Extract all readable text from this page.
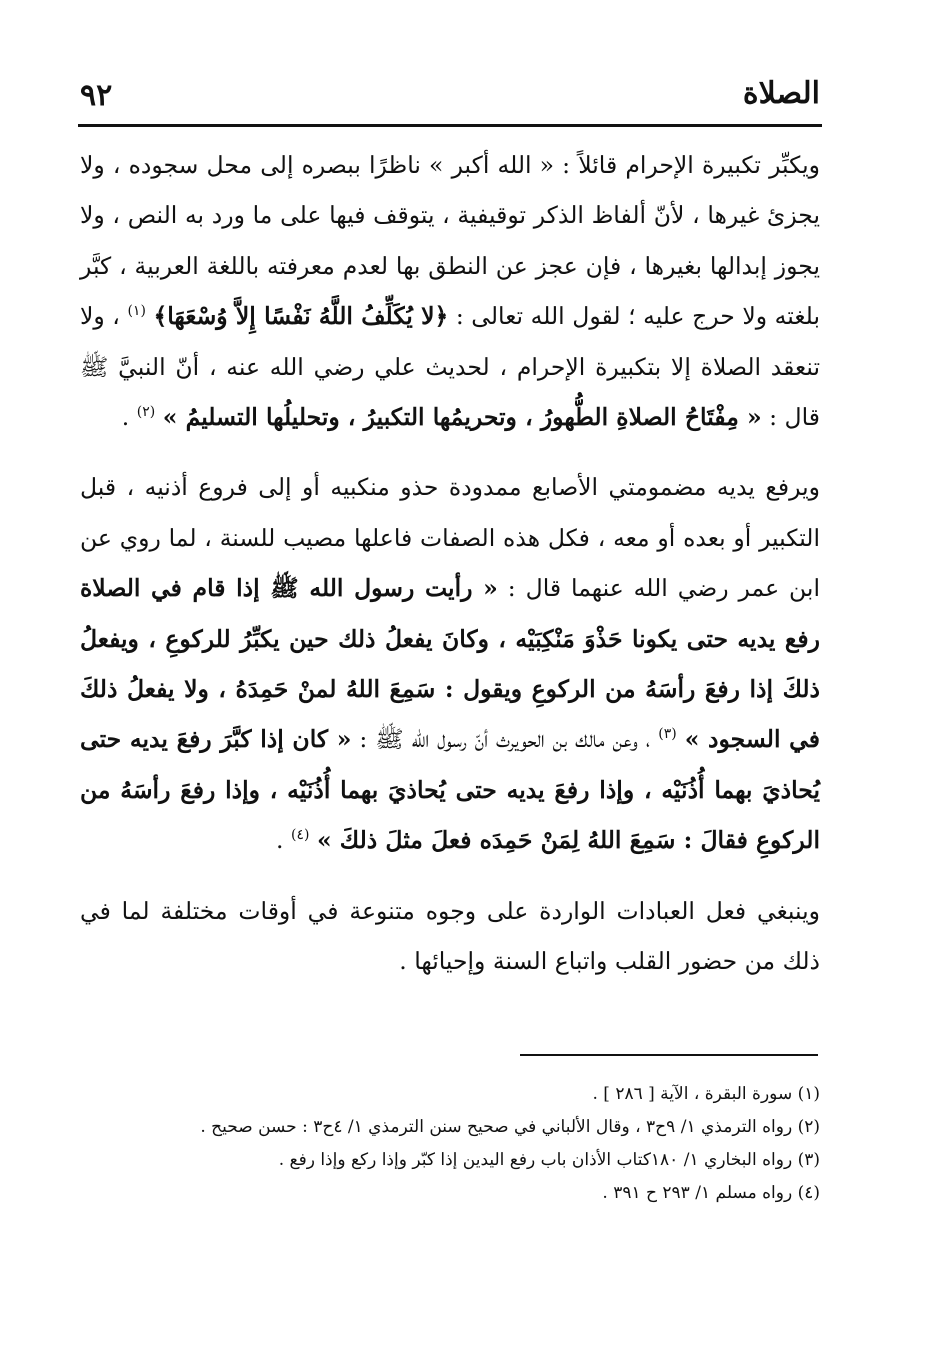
٩٢	الصلاة

ويكبِّر تكبيرة الإحرام قائلاً : « الله أكبر » ناظرًا ببصره إلى محل سجوده ، ولا يجزئ غيرها ، لأنّ ألفاظ الذكر توقيفية ، يتوقف فيها على ما ورد به النص ، ولا يجوز إبدالها بغيرها ، فإن عجز عن النطق بها لعدم معرفته باللغة العربية ، كبَّر بلغته ولا حرج عليه ؛ لقول الله تعالى : ﴿لا يُكَلِّفُ اللَّهُ نَفْسًا إِلاَّ وُسْعَهَا﴾ $^{(١)}$ ، ولا تنعقد الصلاة إلا بتكبيرة الإحرام ، لحديث علي رضي الله عنه ، أنّ النبيَّ ﷺ قال : « مِفْتَاحُ الصلاةِ الطُّهورُ ، وتحريمُها التكبيرُ ، وتحليلُها التسليمُ » $^{(٢)}$ .

ويرفع يديه مضمومتي الأصابع ممدودة حذو منكبيه أو إلى فروع أذنيه ، قبل التكبير أو بعده أو معه ، فكل هذه الصفات فاعلها مصيب للسنة ، لما روي عن ابن عمر رضي الله عنهما قال : « رأيت رسول الله ﷺ إذا قام في الصلاة رفع يديه حتى يكونا حَذْوَ مَنْكِبَيْه ، وكانَ يفعلُ ذلك حين يكبِّرُ للركوعِ ، ويفعلُ ذلكَ إذا رفعَ رأسَهُ من الركوعِ ويقول : سَمِعَ اللهُ لمنْ حَمِدَهُ ، ولا يفعلُ ذلكَ في السجود » $^{(٣)}$ ، وعن مالك بن الحويرث أنّ رسول الله ﷺ : « كان إذا كبَّرَ رفعَ يديه حتى يُحاذيَ بهما أُذُنَيْه ، وإذا رفعَ يديه حتى يُحاذيَ بهما أُذُنَيْه ، وإذا رفعَ رأسَهُ من الركوعِ فقالَ : سَمِعَ اللهُ لِمَنْ حَمِدَه فعلَ مثلَ ذلكَ » $^{(٤)}$ .

وينبغي فعل العبادات الواردة على وجوه متنوعة في أوقات مختلفة لما في ذلك من حضور القلب واتباع السنة وإحيائها .

(١) سورة البقرة ، الآية [ ٢٨٦ ] .

(٢) رواه الترمذي ١/ ٩ح٣ ، وقال الألباني في صحيح سنن الترمذي ١/ ٤ح٣ : حسن صحيح .

(٣) رواه البخاري ١/ ١٨٠كتاب الأذان باب رفع اليدين إذا كبّر وإذا ركع وإذا رفع .

(٤) رواه مسلم ١/ ٢٩٣ ح ٣٩١ .
